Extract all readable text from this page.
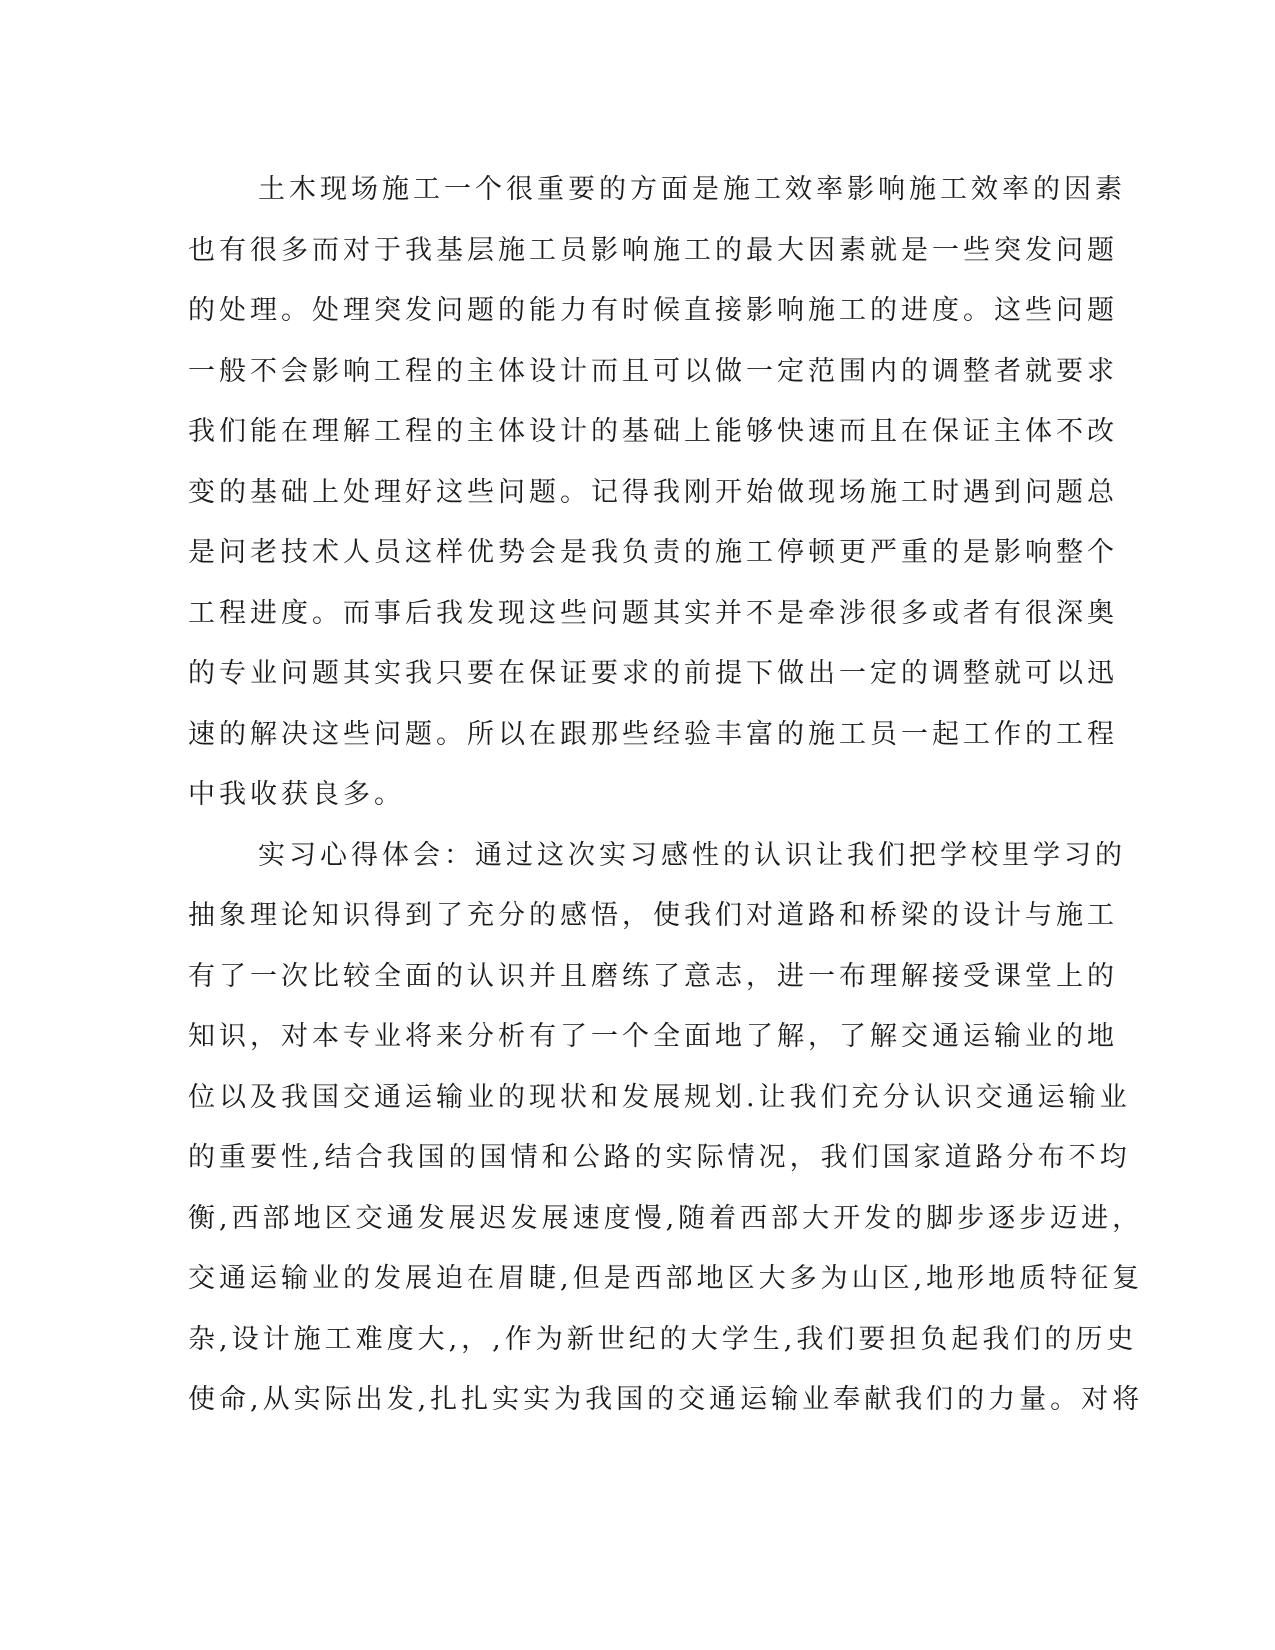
土木现场施工一个很重要的方面是施工效率影响施工效率的因素
也有很多而对于我基层施工员影响施工的最大因素就是一些突发问题
的处理。处理突发问题的能力有时候直接影响施工的进度。这些问题
一般不会影响工程的主体设计而且可以做一定范围内的调整者就要求
我们能在理解工程的主体设计的基础上能够快速而且在保证主体不改
变的基础上处理好这些问题。记得我刚开始做现场施工时遇到问题总
是问老技术人员这样优势会是我负责的施工停顿更严重的是影响整个
工程进度。而事后我发现这些问题其实并不是牵涉很多或者有很深奥
的专业问题其实我只要在保证要求的前提下做出一定的调整就可以迅
速的解决这些问题。所以在跟那些经验丰富的施工员一起工作的工程
中我收获良多。
实习心得体会：通过这次实习感性的认识让我们把学校里学习的
抽象理论知识得到了充分的感悟，使我们对道路和桥梁的设计与施工
有了一次比较全面的认识并且磨练了意志，进一布理解接受课堂上的
知识，对本专业将来分析有了一个全面地了解，了解交通运输业的地
位以及我国交通运输业的现状和发展规划.让我们充分认识交通运输业
的重要性,结合我国的国情和公路的实际情况，我们国家道路分布不均
衡,西部地区交通发展迟发展速度慢,随着西部大开发的脚步逐步迈进，
交通运输业的发展迫在眉睫,但是西部地区大多为山区,地形地质特征复
杂,设计施工难度大,，,作为新世纪的大学生,我们要担负起我们的历史
使命,从实际出发,扎扎实实为我国的交通运输业奉献我们的力量。对将
